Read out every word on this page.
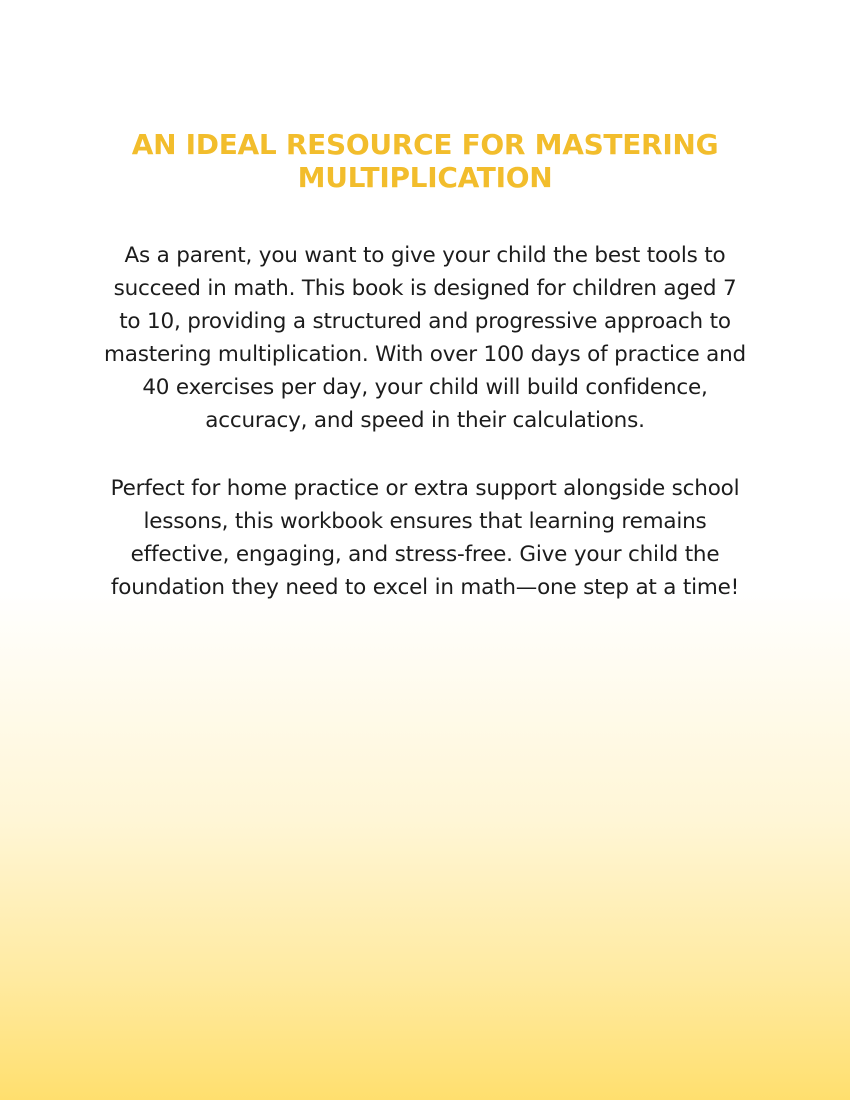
AN IDEAL RESOURCE FOR MASTERING
MULTIPLICATION
As a parent, you want to give your child the best tools to
succeed in math. This book is designed for children aged 7
to 10, providing a structured and progressive approach to
mastering multiplication. With over 100 days of practice and
40 exercises per day, your child will build confidence,
accuracy, and speed in their calculations.
Perfect for home practice or extra support alongside school
lessons, this workbook ensures that learning remains
effective, engaging, and stress-free. Give your child the
foundation they need to excel in math—one step at a time!
